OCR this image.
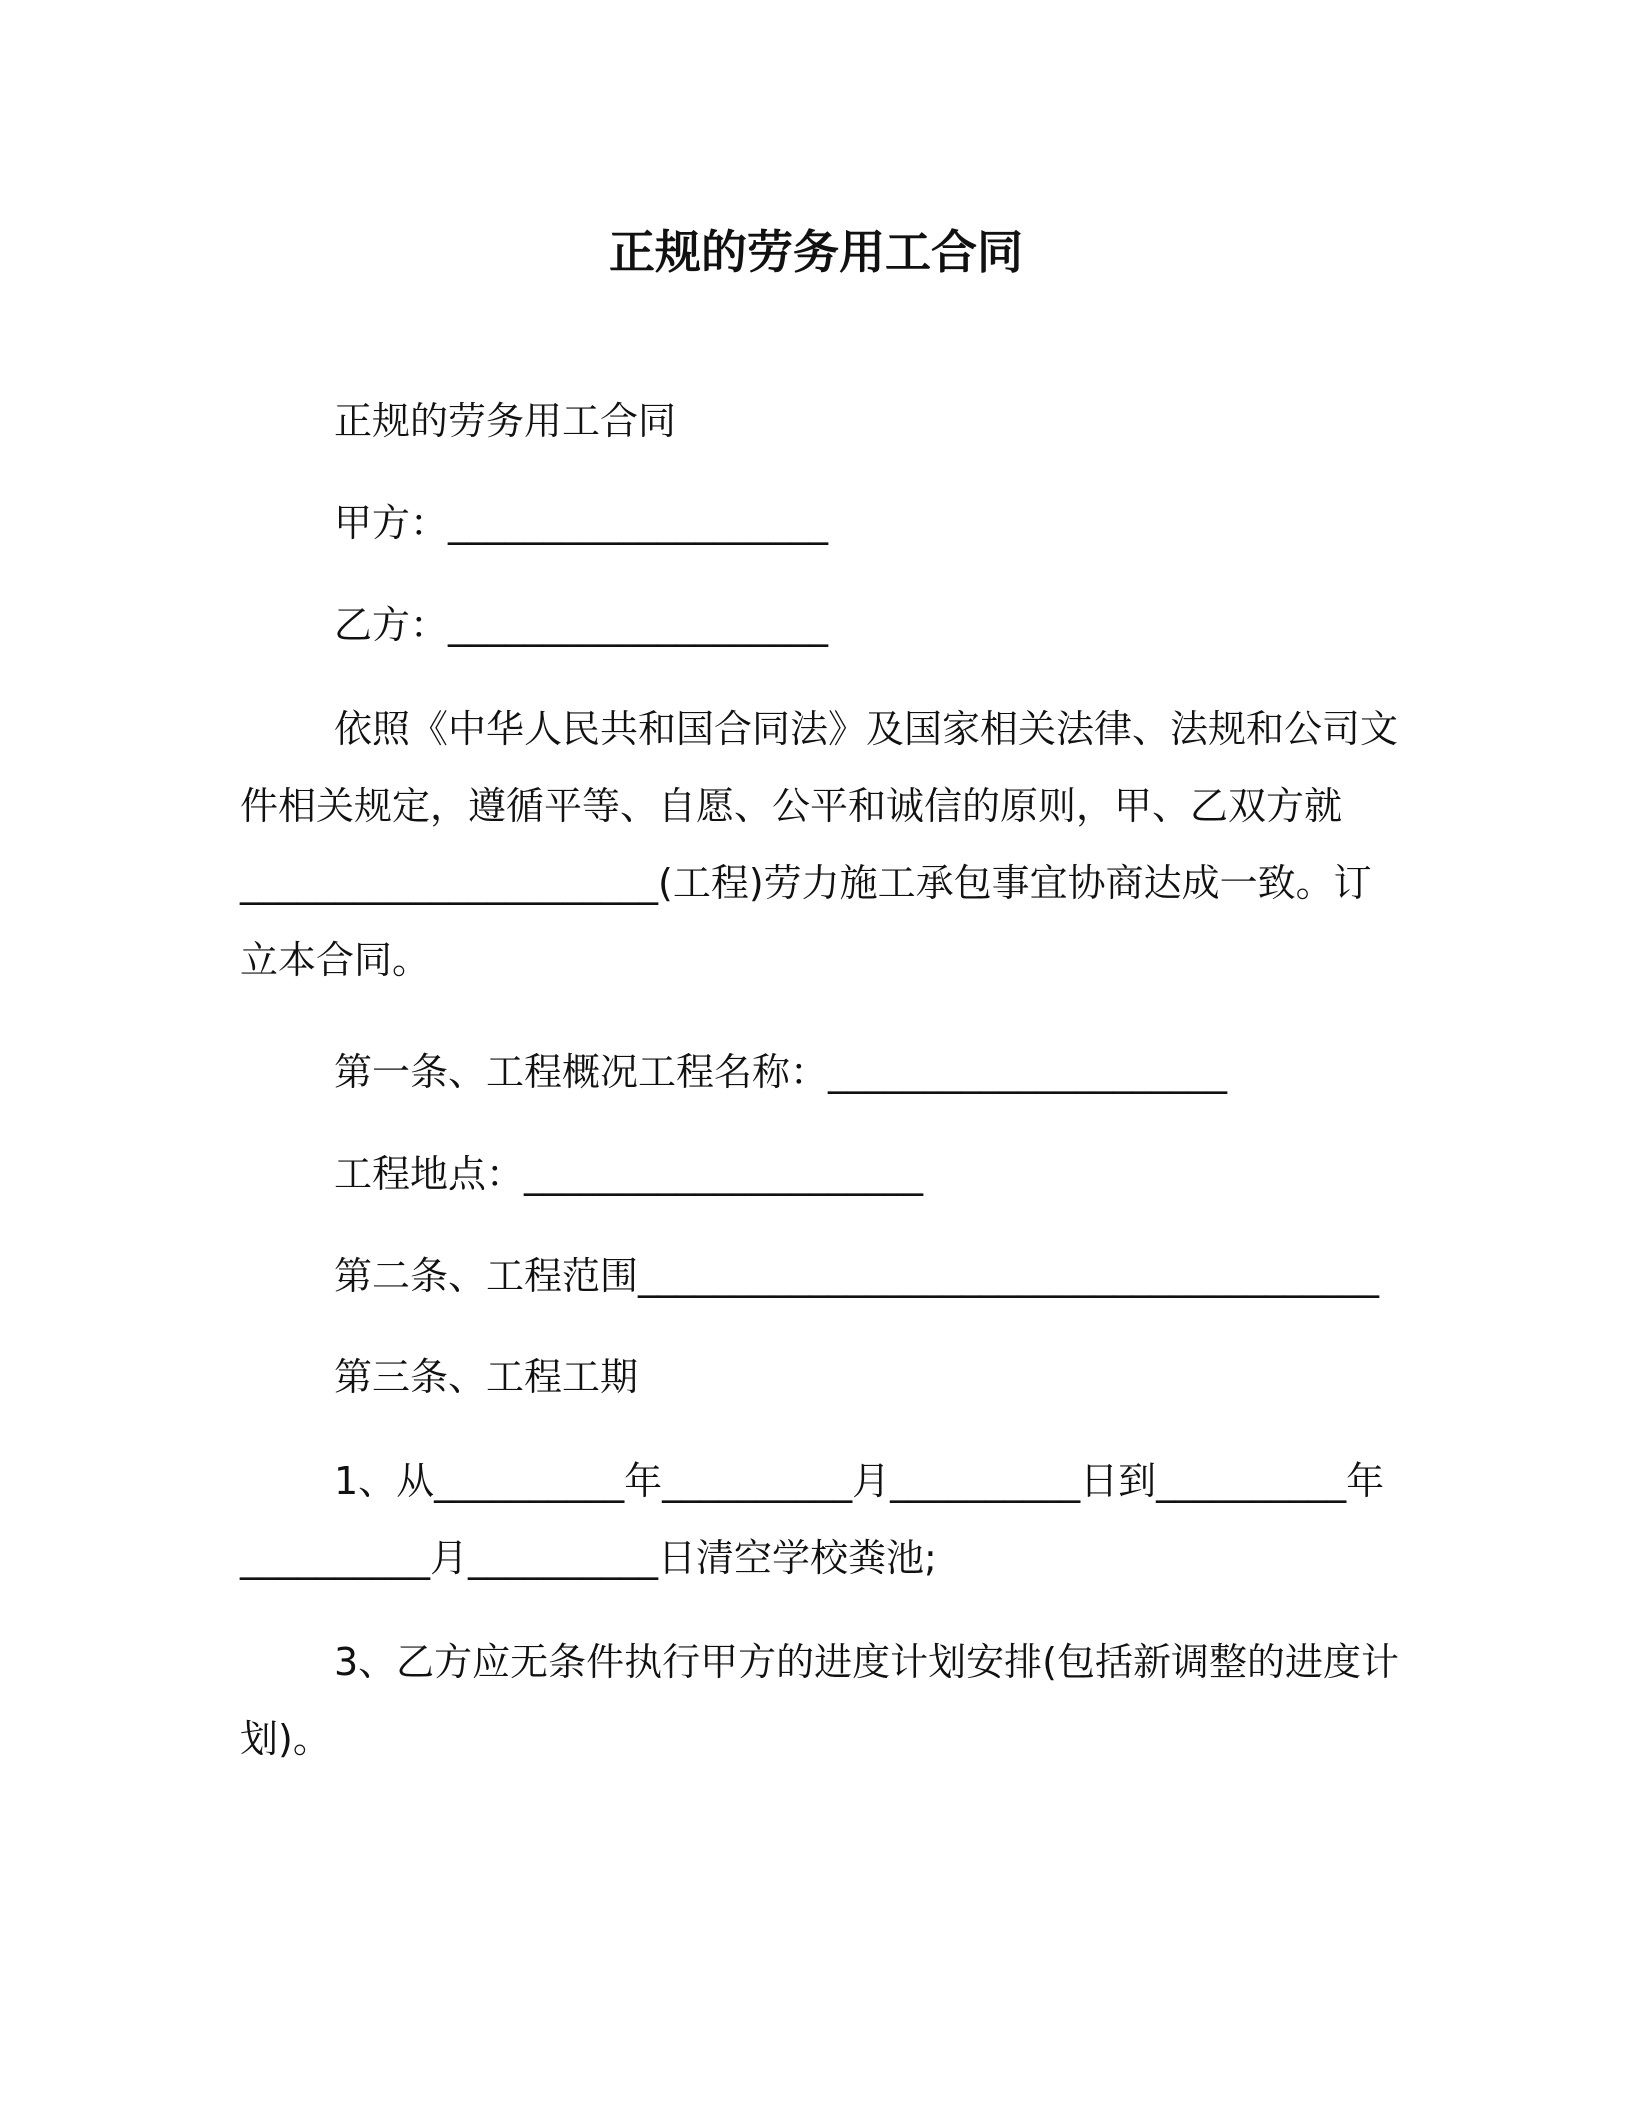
正规的劳务用工合同

正规的劳务用工合同

甲方：____________________

乙方：____________________

依照《中华人民共和国合同法》及国家相关法律、法规和公司文

件相关规定，遵循平等、自愿、公平和诚信的原则，甲、乙双方就

______________________(工程)劳力施工承包事宜协商达成一致。订

立本合同。

第一条、工程概况工程名称：_____________________

工程地点：_____________________

第二条、工程范围_______________________________________

第三条、工程工期

1、从__________年__________月__________日到__________年

__________月__________日清空学校粪池;

3、乙方应无条件执行甲方的进度计划安排(包括新调整的进度计

划)。
